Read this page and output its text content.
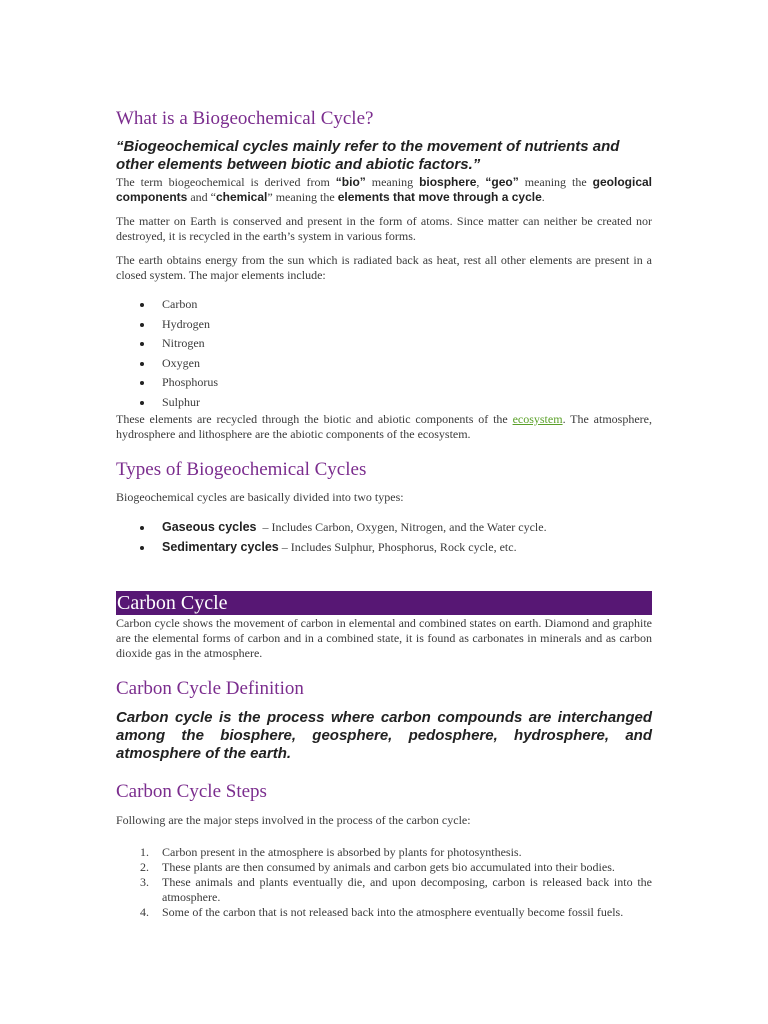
What is a Biogeochemical Cycle?

“Biogeochemical cycles mainly refer to the movement of nutrients and other elements between biotic and abiotic factors.”

The term biogeochemical is derived from “bio” meaning biosphere, “geo” meaning the geological components and “chemical” meaning the elements that move through a cycle.

The matter on Earth is conserved and present in the form of atoms. Since matter can neither be created nor destroyed, it is recycled in the earth’s system in various forms.

The earth obtains energy from the sun which is radiated back as heat, rest all other elements are present in a closed system. The major elements include:

Carbon
Hydrogen
Nitrogen
Oxygen
Phosphorus
Sulphur

These elements are recycled through the biotic and abiotic components of the ecosystem. The atmosphere, hydrosphere and lithosphere are the abiotic components of the ecosystem.

Types of Biogeochemical Cycles

Biogeochemical cycles are basically divided into two types:

Gaseous cycles  – Includes Carbon, Oxygen, Nitrogen, and the Water cycle.
Sedimentary cycles – Includes Sulphur, Phosphorus, Rock cycle, etc.
Carbon Cycle

Carbon cycle shows the movement of carbon in elemental and combined states on earth. Diamond and graphite are the elemental forms of carbon and in a combined state, it is found as carbonates in minerals and as carbon dioxide gas in the atmosphere.

Carbon Cycle Definition

Carbon cycle is the process where carbon compounds are interchanged among the biosphere, geosphere, pedosphere, hydrosphere, and atmosphere of the earth.

Carbon Cycle Steps

Following are the major steps involved in the process of the carbon cycle:

1. Carbon present in the atmosphere is absorbed by plants for photosynthesis.
2. These plants are then consumed by animals and carbon gets bio accumulated into their bodies.
3. These animals and plants eventually die, and upon decomposing, carbon is released back into the atmosphere.
4. Some of the carbon that is not released back into the atmosphere eventually become fossil fuels.
